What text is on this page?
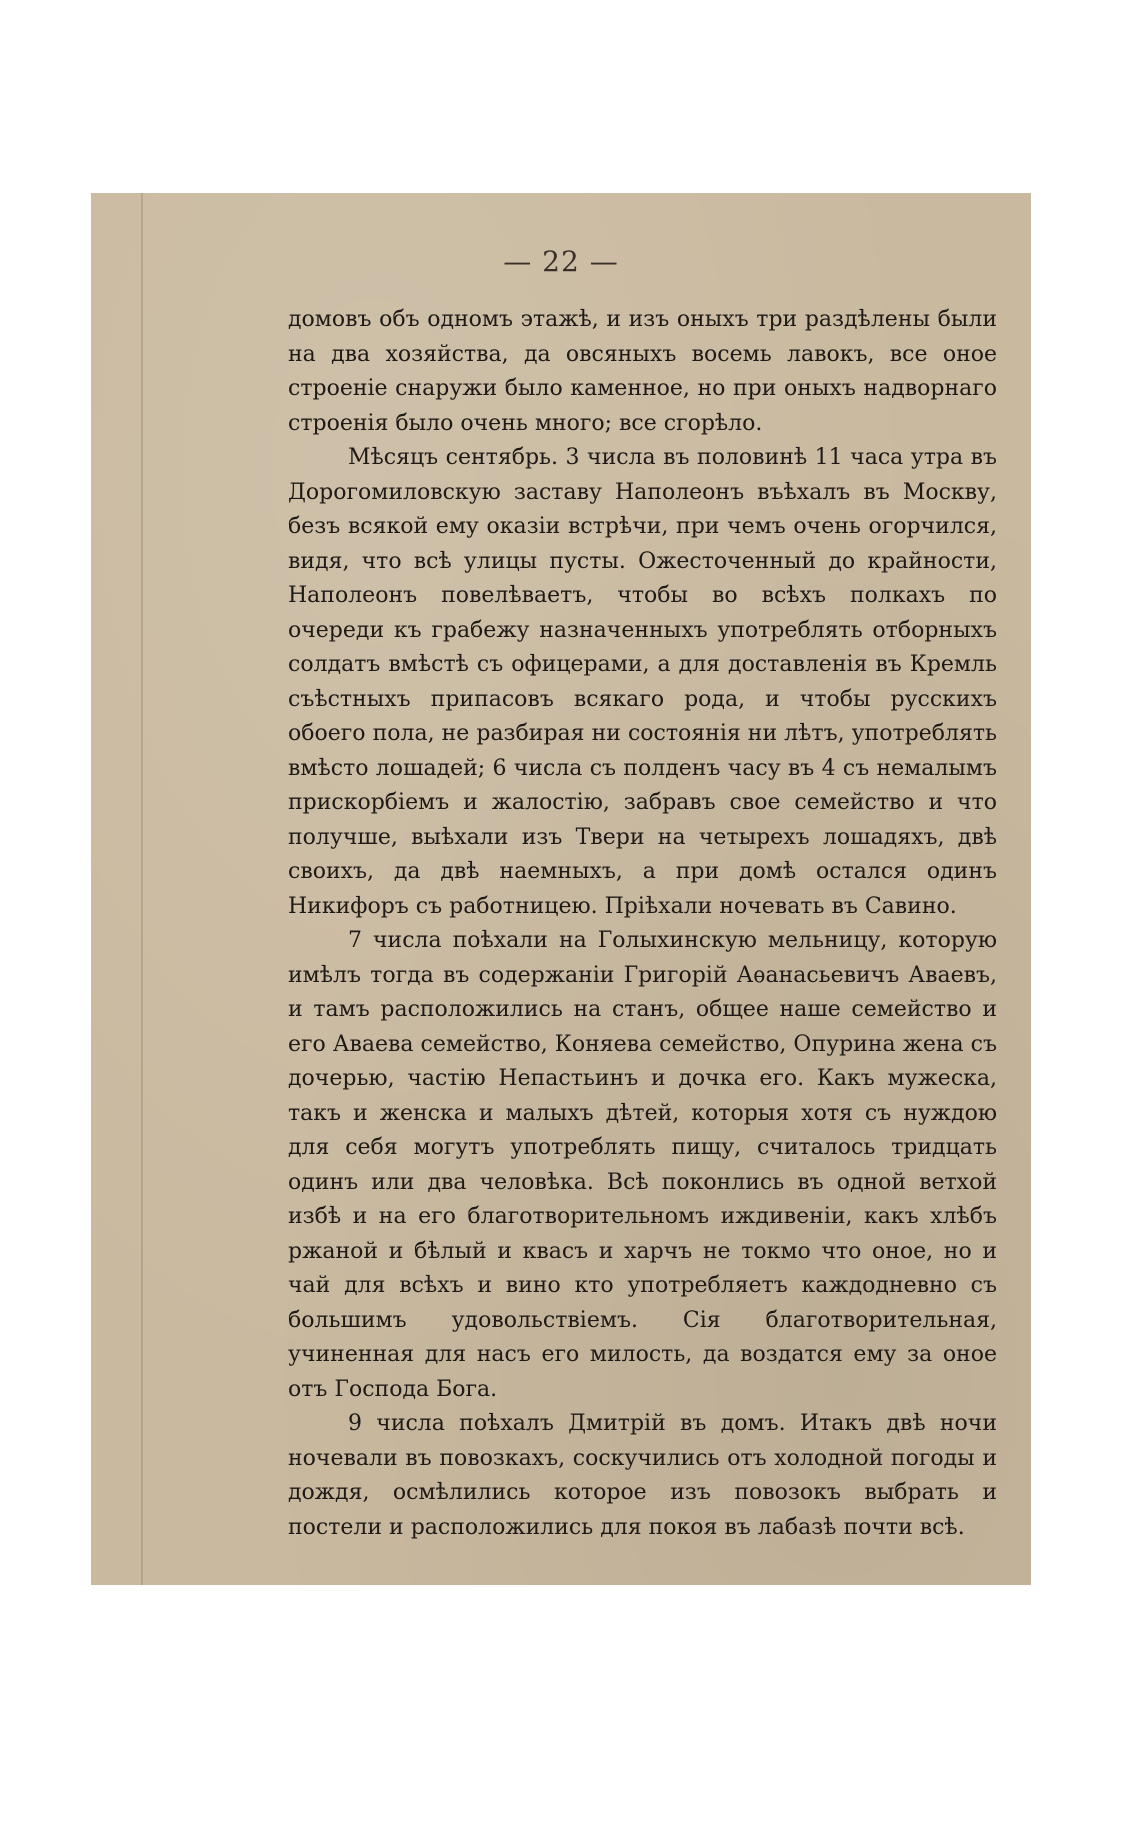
— 22 —

домовъ объ одномъ этажѣ, и изъ оныхъ три раздѣлены были на два хозяйства, да овсяныхъ восемь лавокъ, все оное строенiе снаружи было каменное, но при оныхъ надворнаго строенiя было очень много; все сгорѣло.

Мѣсяцъ сентябрь. 3 числа въ половинѣ 11 часа утра въ Дорогомиловскую заставу Наполеонъ въѣхалъ въ Москву, безъ всякой ему оказiи встрѣчи, при чемъ очень огорчился, видя, что всѣ улицы пусты. Ожесточенный до крайности, Наполеонъ повелѣваетъ, чтобы во всѣхъ полкахъ по очереди къ грабежу назначенныхъ употреблять отборныхъ солдатъ вмѣстѣ съ офицерами, а для доставленiя въ Кремль съѣстныхъ припасовъ всякаго рода, и чтобы русскихъ обоего пола, не разбирая ни состоянiя ни лѣтъ, употреблять вмѣсто лошадей; 6 числа съ полденъ часу въ 4 съ немалымъ прискорбiемъ и жалостiю, забравъ свое семейство и что получше, выѣхали изъ Твери на четырехъ лошадяхъ, двѣ своихъ, да двѣ наемныхъ, а при домѣ остался одинъ Никифоръ съ работницею. Прiѣхали ночевать въ Савино.

7 числа поѣхали на Голыхинскую мельницу, которую имѣлъ тогда въ содержанiи Григорiй Аѳанасьевичъ Аваевъ, и тамъ расположились на станъ, общее наше семейство и его Аваева семейство, Коняева семейство, Опурина жена съ дочерью, частiю Непастьинъ и дочка его. Какъ мужеска, такъ и женска и малыхъ дѣтей, которыя хотя съ нуждою для себя могутъ употреблять пищу, считалось тридцать одинъ или два человѣка. Всѣ поконлись въ одной ветхой избѣ и на его благотворительномъ иждивенiи, какъ хлѣбъ ржаной и бѣлый и квасъ и харчъ не токмо что оное, но и чай для всѣхъ и вино кто употребляетъ каждодневно съ большимъ удовольствiемъ. Сiя благотворительная, учиненная для насъ его милость, да воздатся ему за оное отъ Господа Бога.

9 числа поѣхалъ Дмитрiй въ домъ. Итакъ двѣ ночи ночевали въ повозкахъ, соскучились отъ холодной погоды и дождя, осмѣлились которое изъ повозокъ выбрать и постели и расположились для покоя въ лабазѣ почти всѣ.
